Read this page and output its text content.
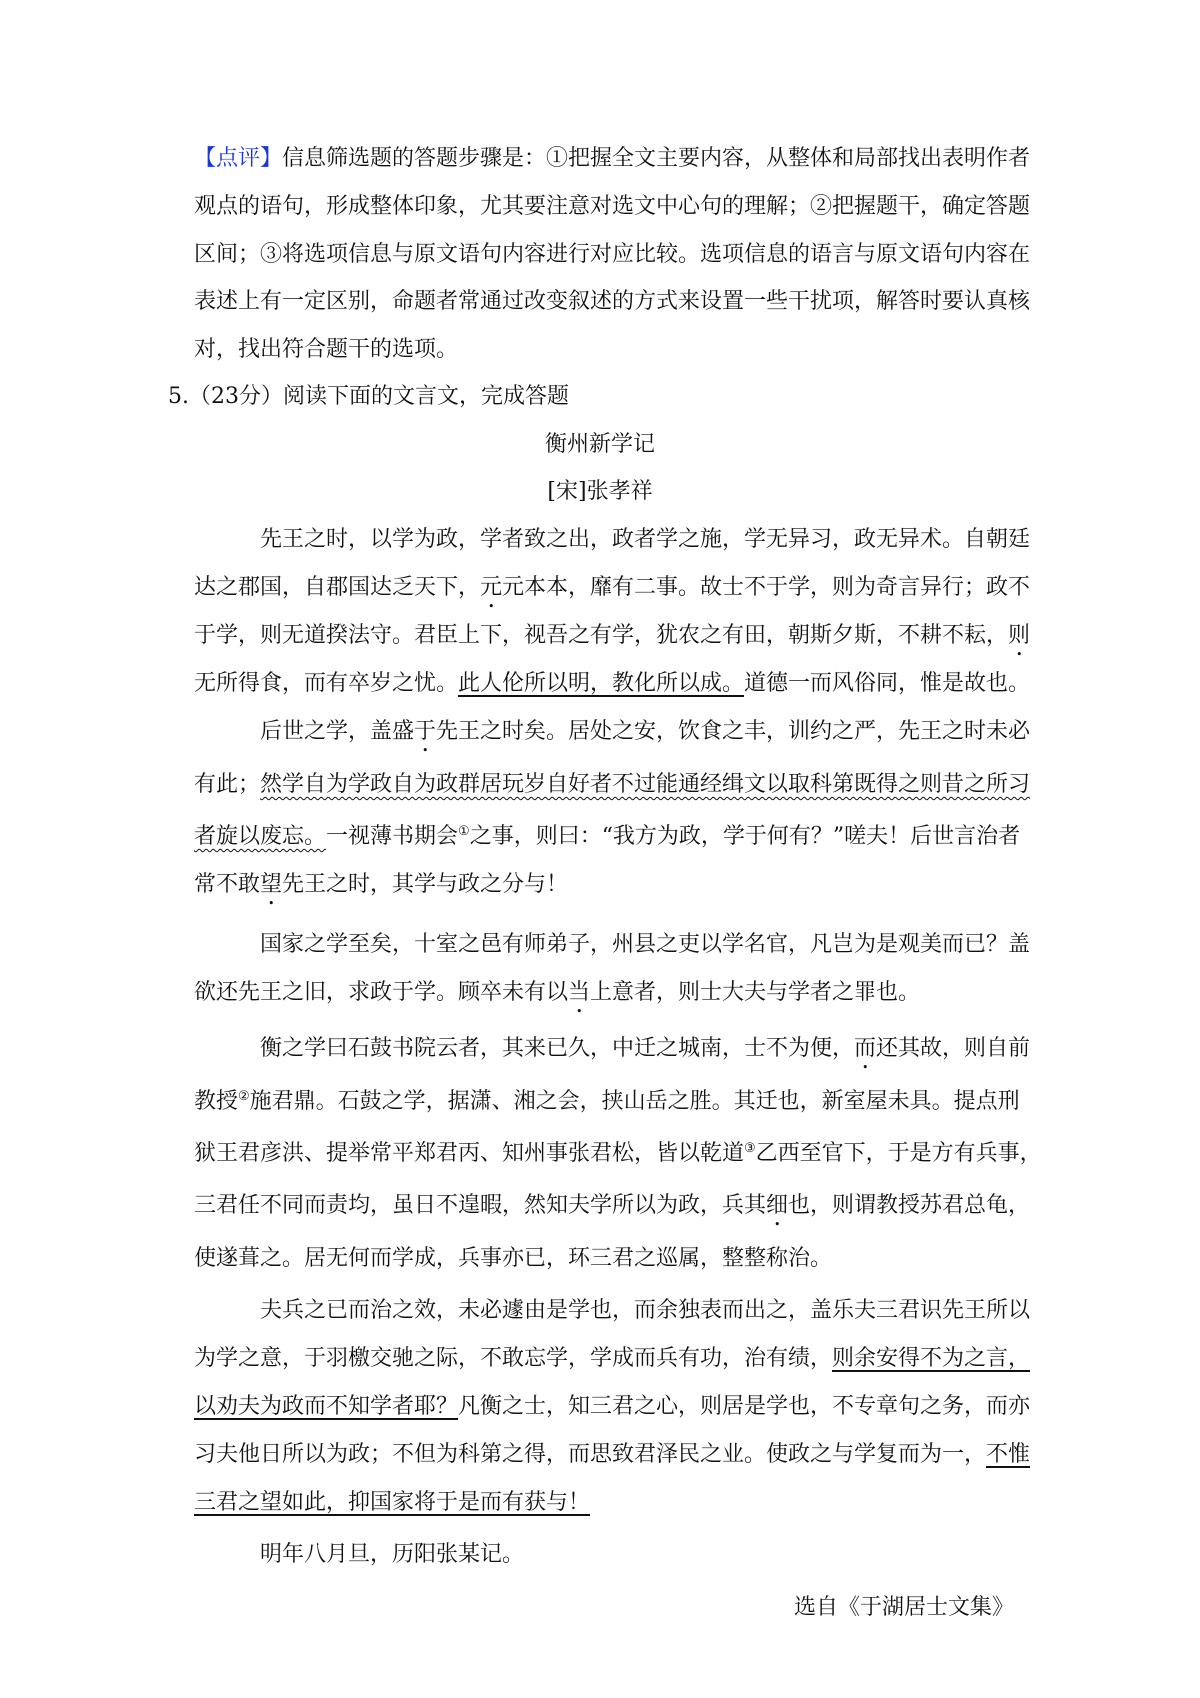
【点评】信息筛选题的答题步骤是：①把握全文主要内容，从整体和局部找出表明作者

观点的语句，形成整体印象，尤其要注意对选文中心句的理解；②把握题干，确定答题

区间；③将选项信息与原文语句内容进行对应比较。选项信息的语言与原文语句内容在

表述上有一定区别，命题者常通过改变叙述的方式来设置一些干扰项，解答时要认真核

对，找出符合题干的选项。

5.（23分）阅读下面的文言文，完成答题

衡州新学记

[宋]张孝祥

先王之时，以学为政，学者致之出，政者学之施，学无异习，政无异术。自朝廷

达之郡国，自郡国达乏天下，元元本本，靡有二事。故士不于学，则为奇言异行；政不

于学，则无道揆法守。君臣上下，视吾之有学，犹农之有田，朝斯夕斯，不耕不耘，则

无所得食，而有卒岁之忧。此人伦所以明，教化所以成。道德一而风俗同，惟是故也。

后世之学，盖盛于先王之时矣。居处之安，饮食之丰，训约之严，先王之时未必

有此；然学自为学政自为政群居玩岁自好者不过能通经缉文以取科第既得之则昔之所习

者旋以废忘。一视薄书期会①之事，则曰：“我方为政，学于何有？”嗟夫！后世言治者

常不敢望先王之时，其学与政之分与！

国家之学至矣，十室之邑有师弟子，州县之吏以学名官，凡岂为是观美而已？盖

欲还先王之旧，求政于学。顾卒未有以当上意者，则士大夫与学者之罪也。

衡之学曰石鼓书院云者，其来已久，中迁之城南，士不为便，而还其故，则自前

教授②施君鼎。石鼓之学，据潇、湘之会，挟山岳之胜。其迁也，新室屋未具。提点刑

狱王君彦洪、提举常平郑君丙、知州事张君松，皆以乾道③乙西至官下，于是方有兵事，

三君任不同而责均，虽日不遑暇，然知夫学所以为政，兵其细也，则谓教授苏君总龟，

使遂葺之。居无何而学成，兵事亦已，环三君之巡属，整整称治。

夫兵之已而治之效，未必遽由是学也，而余独表而出之，盖乐夫三君识先王所以

为学之意，于羽檄交驰之际，不敢忘学，学成而兵有功，治有绩，则余安得不为之言，

以劝夫为政而不知学者耶？凡衡之士，知三君之心，则居是学也，不专章句之务，而亦

习夫他日所以为政；不但为科第之得，而思致君泽民之业。使政之与学复而为一，不惟

三君之望如此，抑国家将于是而有获与！

明年八月旦，历阳张某记。

选自《于湖居士文集》
